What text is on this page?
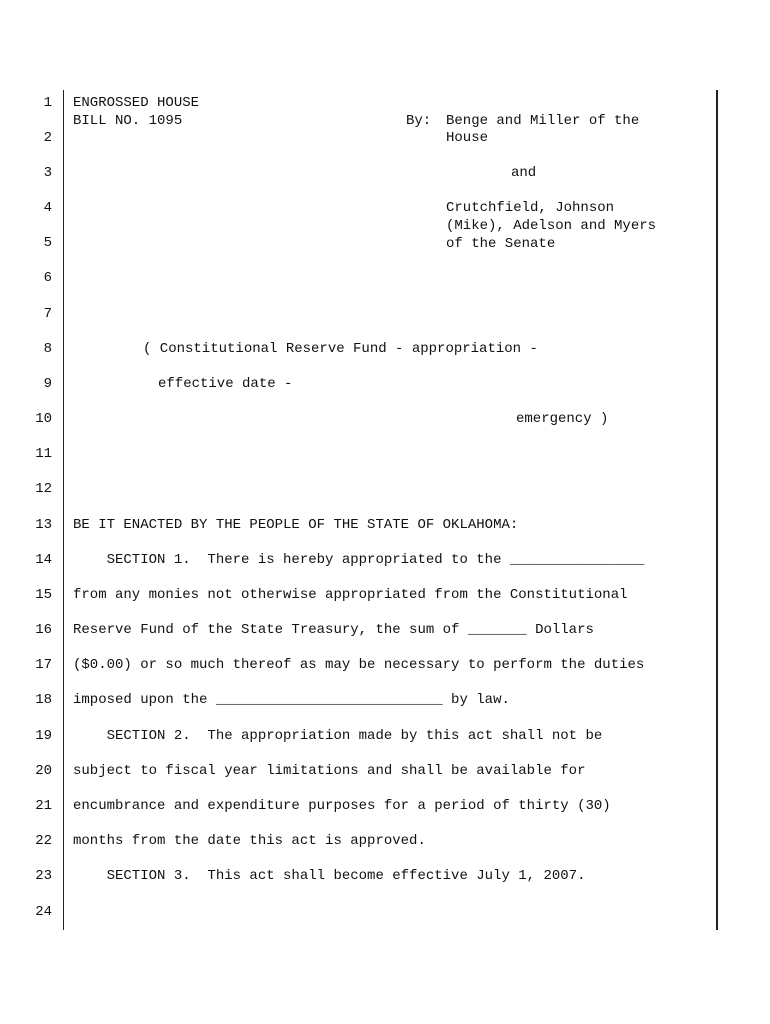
1
2
3
4
5
6
7
8
9
10
11
12
13
14
15
16
17
18
19
20
21
22
23
24
ENGROSSED HOUSE
BILL NO. 1095	By: Benge and Miller of the
House
and
Crutchfield, Johnson
(Mike), Adelson and Myers
of the Senate
( Constitutional Reserve Fund - appropriation -
effective date -
emergency )
BE IT ENACTED BY THE PEOPLE OF THE STATE OF OKLAHOMA:
SECTION 1.  There is hereby appropriated to the ________________
from any monies not otherwise appropriated from the Constitutional
Reserve Fund of the State Treasury, the sum of _______ Dollars
($0.00) or so much thereof as may be necessary to perform the duties
imposed upon the ___________________________ by law.
SECTION 2.  The appropriation made by this act shall not be
subject to fiscal year limitations and shall be available for
encumbrance and expenditure purposes for a period of thirty (30)
months from the date this act is approved.
SECTION 3.  This act shall become effective July 1, 2007.
